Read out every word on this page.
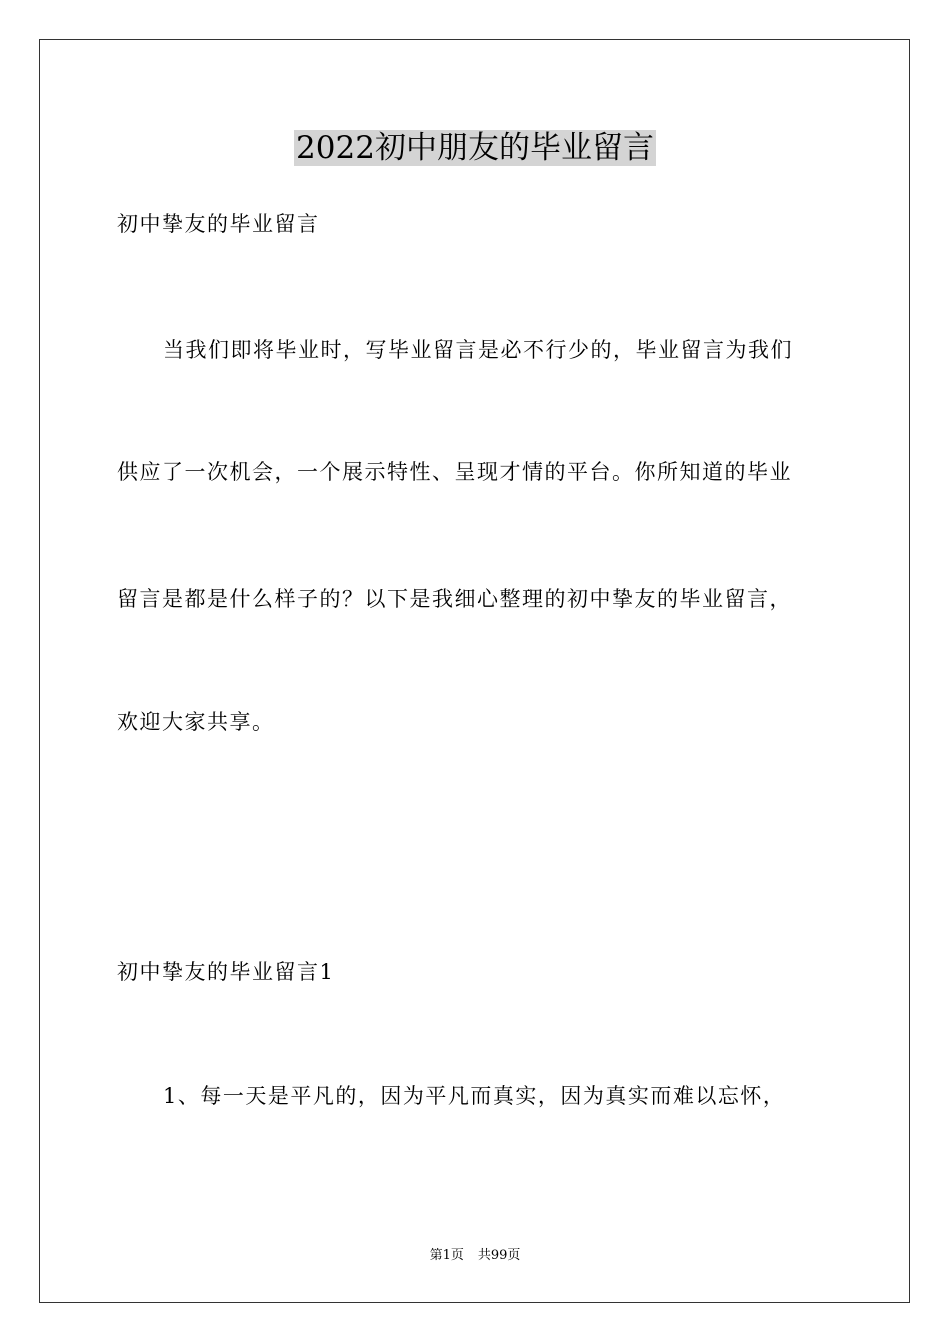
2022初中朋友的毕业留言
初中挚友的毕业留言
当我们即将毕业时，写毕业留言是必不行少的，毕业留言为我们
供应了一次机会，一个展示特性、呈现才情的平台。你所知道的毕业
留言是都是什么样子的？以下是我细心整理的初中挚友的毕业留言，
欢迎大家共享。
初中挚友的毕业留言1
1、每一天是平凡的，因为平凡而真实，因为真实而难以忘怀，
第1页 共99页
